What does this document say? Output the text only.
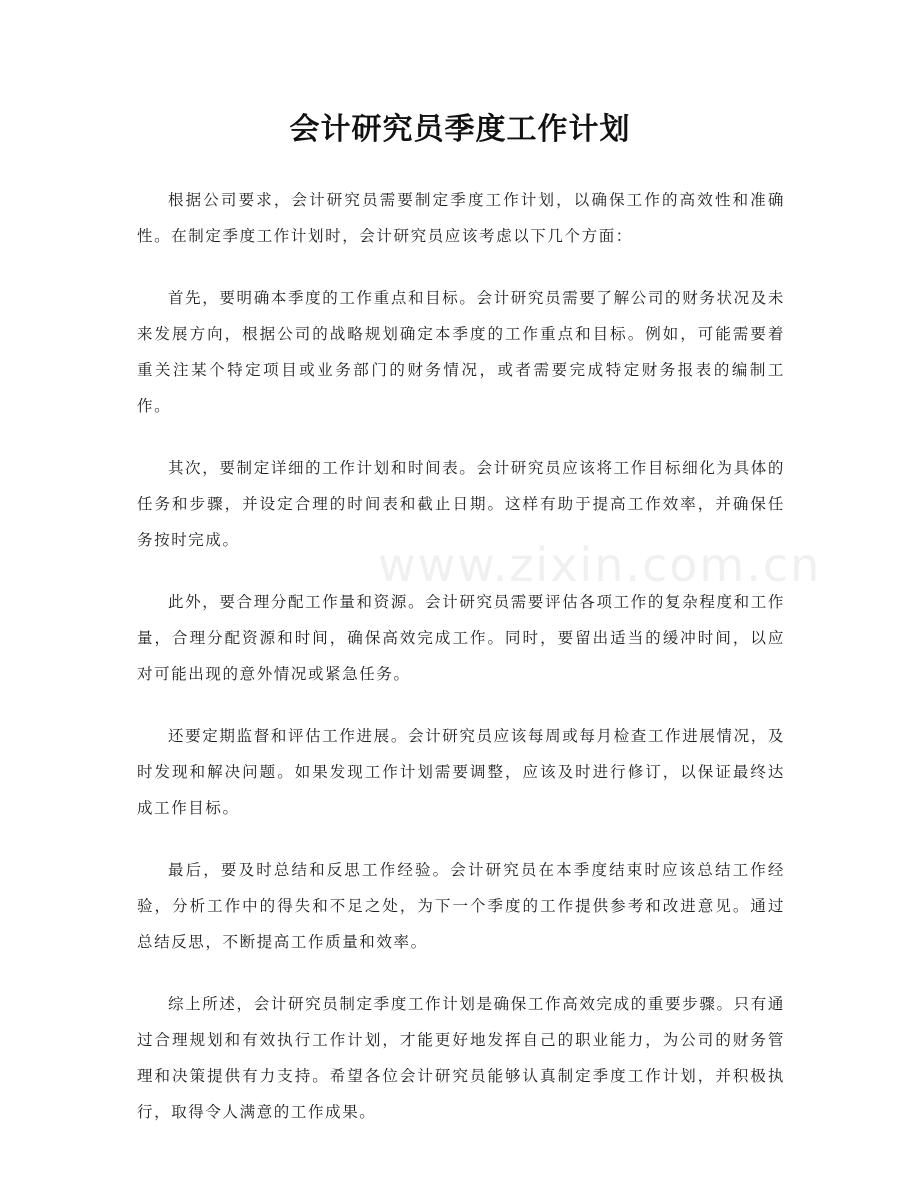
会计研究员季度工作计划

根据公司要求，会计研究员需要制定季度工作计划，以确保工作的高效性和准确性。在制定季度工作计划时，会计研究员应该考虑以下几个方面：

首先，要明确本季度的工作重点和目标。会计研究员需要了解公司的财务状况及未来发展方向，根据公司的战略规划确定本季度的工作重点和目标。例如，可能需要着重关注某个特定项目或业务部门的财务情况，或者需要完成特定财务报表的编制工作。

其次，要制定详细的工作计划和时间表。会计研究员应该将工作目标细化为具体的任务和步骤，并设定合理的时间表和截止日期。这样有助于提高工作效率，并确保任务按时完成。

此外，要合理分配工作量和资源。会计研究员需要评估各项工作的复杂程度和工作量，合理分配资源和时间，确保高效完成工作。同时，要留出适当的缓冲时间，以应对可能出现的意外情况或紧急任务。

还要定期监督和评估工作进展。会计研究员应该每周或每月检查工作进展情况，及时发现和解决问题。如果发现工作计划需要调整，应该及时进行修订，以保证最终达成工作目标。

最后，要及时总结和反思工作经验。会计研究员在本季度结束时应该总结工作经验，分析工作中的得失和不足之处，为下一个季度的工作提供参考和改进意见。通过总结反思，不断提高工作质量和效率。

综上所述，会计研究员制定季度工作计划是确保工作高效完成的重要步骤。只有通过合理规划和有效执行工作计划，才能更好地发挥自己的职业能力，为公司的财务管理和决策提供有力支持。希望各位会计研究员能够认真制定季度工作计划，并积极执行，取得令人满意的工作成果。

www.zixin.com.cn
